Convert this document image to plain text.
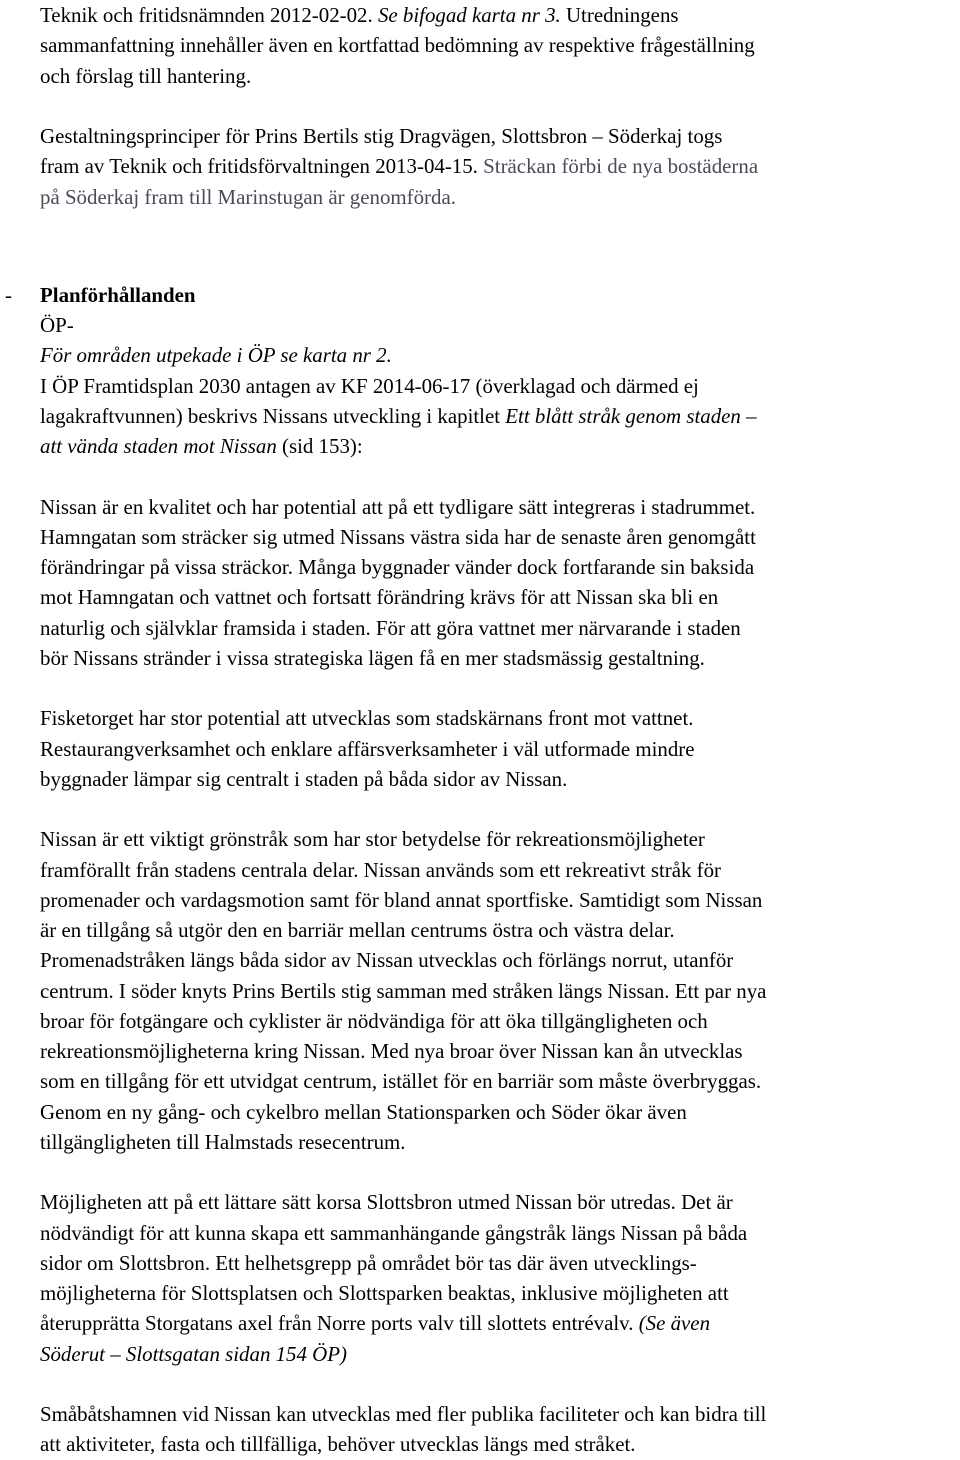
Teknik och fritidsnämnden 2012-02-02. Se bifogad karta nr 3. Utredningens
sammanfattning innehåller även en kortfattad bedömning av respektive frågeställning
och förslag till hantering.

Gestaltningsprinciper för Prins Bertils stig Dragvägen, Slottsbron – Söderkaj togs
fram av Teknik och fritidsförvaltningen 2013-04-15. Sträckan förbi de nya bostäderna
på Söderkaj fram till Marinstugan är genomförda.

- Planförhållanden
ÖP-
För områden utpekade i ÖP se karta nr 2.

I ÖP Framtidsplan 2030 antagen av KF 2014-06-17 (överklagad och därmed ej
lagakraftvunnen) beskrivs Nissans utveckling i kapitlet Ett blått stråk genom staden –
att vända staden mot Nissan (sid 153):

Nissan är en kvalitet och har potential att på ett tydligare sätt integreras i stadrummet.
Hamngatan som sträcker sig utmed Nissans västra sida har de senaste åren genomgått
förändringar på vissa sträckor. Många byggnader vänder dock fortfarande sin baksida
mot Hamngatan och vattnet och fortsatt förändring krävs för att Nissan ska bli en
naturlig och självklar framsida i staden. För att göra vattnet mer närvarande i staden
bör Nissans stränder i vissa strategiska lägen få en mer stadsmässig gestaltning.

Fisketorget har stor potential att utvecklas som stadskärnans front mot vattnet.
Restaurangverksamhet och enklare affärsverksamheter i väl utformade mindre
byggnader lämpar sig centralt i staden på båda sidor av Nissan.

Nissan är ett viktigt grönstråk som har stor betydelse för rekreationsmöjligheter
framförallt från stadens centrala delar. Nissan används som ett rekreativt stråk för
promenader och vardagsmotion samt för bland annat sportfiske. Samtidigt som Nissan
är en tillgång så utgör den en barriär mellan centrums östra och västra delar.
Promenadstråken längs båda sidor av Nissan utvecklas och förlängs norrut, utanför
centrum. I söder knyts Prins Bertils stig samman med stråken längs Nissan. Ett par nya
broar för fotgängare och cyklister är nödvändiga för att öka tillgängligheten och
rekreationsmöjligheterna kring Nissan. Med nya broar över Nissan kan ån utvecklas
som en tillgång för ett utvidgat centrum, istället för en barriär som måste överbryggas.
Genom en ny gång- och cykelbro mellan Stationsparken och Söder ökar även
tillgängligheten till Halmstads resecentrum.

Möjligheten att på ett lättare sätt korsa Slottsbron utmed Nissan bör utredas. Det är
nödvändigt för att kunna skapa ett sammanhängande gångstråk längs Nissan på båda
sidor om Slottsbron. Ett helhetsgrepp på området bör tas där även utvecklings-
möjligheterna för Slottsplatsen och Slottsparken beaktas, inklusive möjligheten att
återupprätta Storgatans axel från Norre ports valv till slottets entrévalv. (Se även
Söderut – Slottsgatan sidan 154 ÖP)

Småbåtshamnen vid Nissan kan utvecklas med fler publika faciliteter och kan bidra till
att aktiviteter, fasta och tillfälliga, behöver utvecklas längs med stråket.
